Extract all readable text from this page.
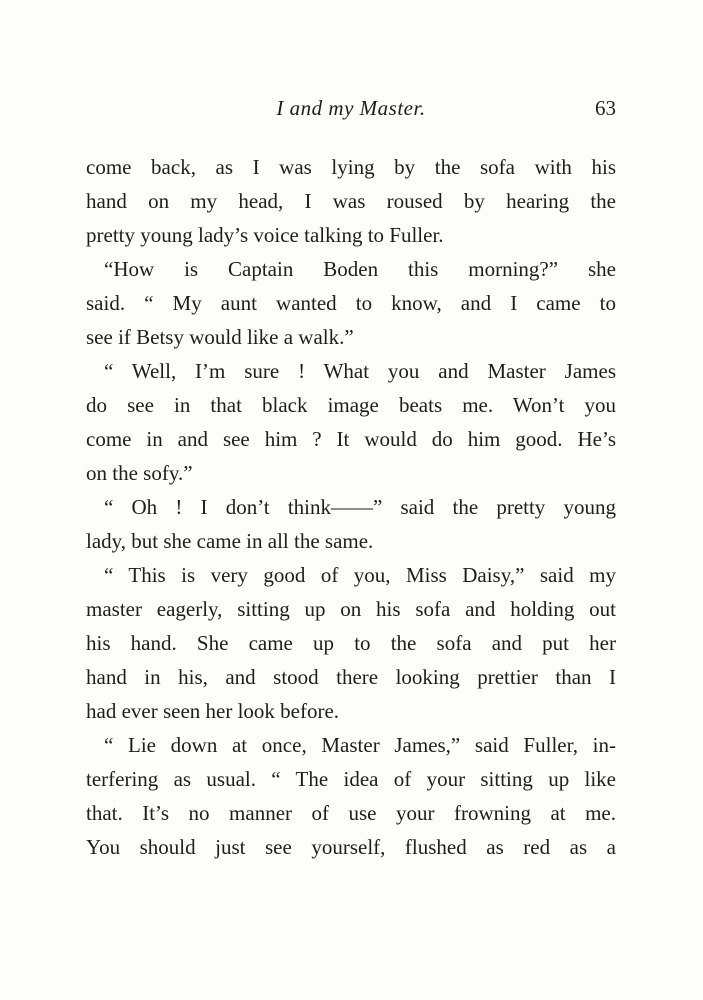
I and my Master.	63
come back, as I was lying by the sofa with his
hand on my head, I was roused by hearing the
pretty young lady’s voice talking to Fuller.
“How is Captain Boden this morning?” she
said. “ My aunt wanted to know, and I came to
see if Betsy would like a walk.”
“ Well, I’m sure ! What you and Master James
do see in that black image beats me. Won’t you
come in and see him ? It would do him good. He’s
on the sofy.”
“ Oh ! I don’t think——” said the pretty young
lady, but she came in all the same.
“ This is very good of you, Miss Daisy,” said my
master eagerly, sitting up on his sofa and holding out
his hand. She came up to the sofa and put her
hand in his, and stood there looking prettier than I
had ever seen her look before.
“ Lie down at once, Master James,” said Fuller, in-
terfering as usual. “ The idea of your sitting up like
that. It’s no manner of use your frowning at me.
You should just see yourself, flushed as red as a
